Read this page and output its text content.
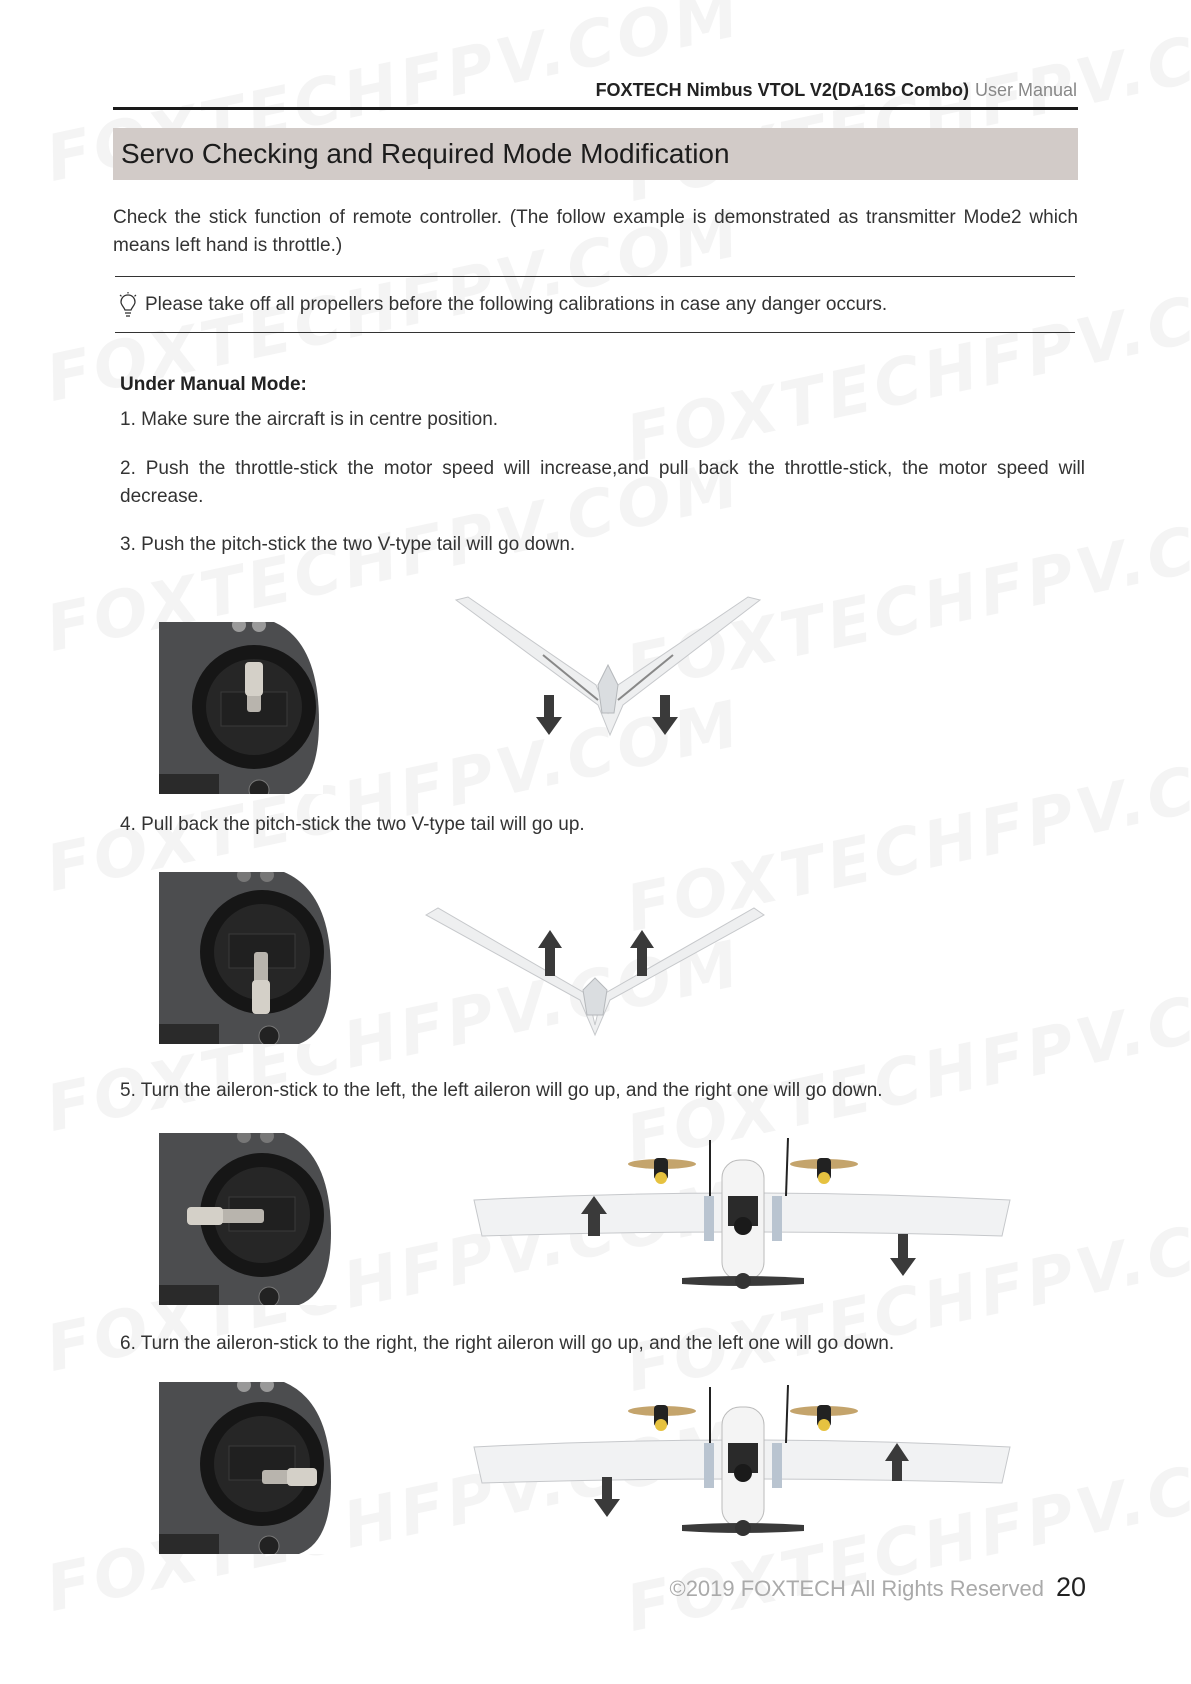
FOXTECH Nimbus VTOL V2(DA16S Combo) User Manual
Servo Checking and Required Mode Modification
Check the stick function of remote controller. (The follow example is demonstrated as transmitter Mode2 which means left hand is throttle.)
Please take off all propellers before the following calibrations in case any danger occurs.
Under Manual Mode:
1. Make sure the aircraft is in centre position.
2. Push the throttle-stick the motor speed will increase,and pull back the throttle-stick, the motor speed will decrease.
3. Push the pitch-stick the two V-type tail will go down.
4. Pull back the pitch-stick the two V-type tail will go up.
5. Turn the aileron-stick to the left, the left aileron will go up, and the right one will go down.
6. Turn the aileron-stick to the right, the right aileron will go up, and the left one will go down.
©2019 FOXTECH All Rights Reserved 20
